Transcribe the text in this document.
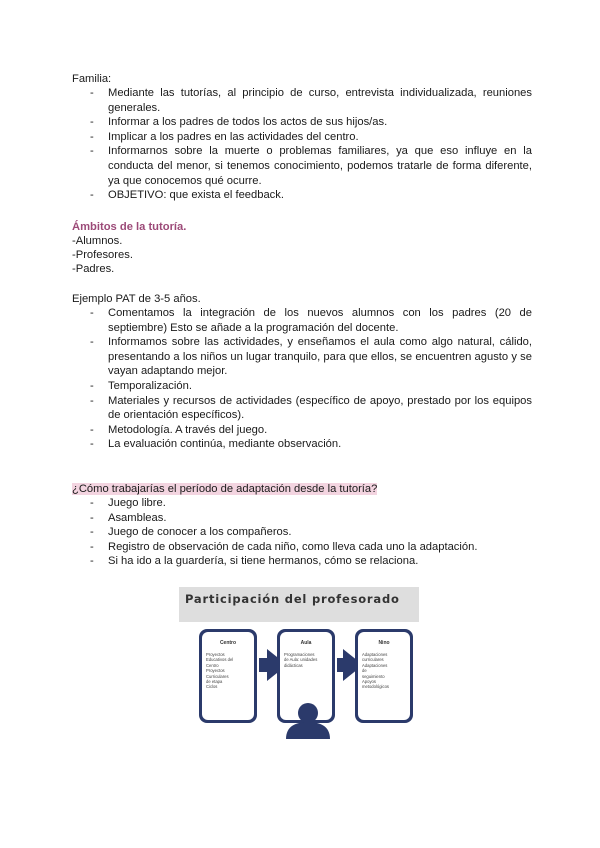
Familia:
- Mediante las tutorías, al principio de curso, entrevista individualizada, reuniones generales.
- Informar a los padres de todos los actos de sus hijos/as.
- Implicar a los padres en las actividades del centro.
- Informarnos sobre la muerte o problemas familiares, ya que eso influye en la conducta del menor, si tenemos conocimiento, podemos tratarle de forma diferente, ya que conocemos qué ocurre.
- OBJETIVO: que exista el feedback.
Ámbitos de la tutoría.
-Alumnos.
-Profesores.
-Padres.
Ejemplo PAT de 3-5 años.
- Comentamos la integración de los nuevos alumnos con los padres (20 de septiembre) Esto se añade a la programación del docente.
- Informamos sobre las actividades, y enseñamos el aula como algo natural, cálido, presentando a los niños un lugar tranquilo, para que ellos, se encuentren agusto y se vayan adaptando mejor.
- Temporalización.
- Materiales y recursos de actividades (específico de apoyo, prestado por los equipos de orientación específicos).
- Metodología. A través del juego.
- La evaluación continúa, mediante observación.
¿Cómo trabajarías el período de adaptación desde la tutoría?
- Juego libre.
- Asambleas.
- Juego de conocer a los compañeros.
- Registro de observación de cada niño, como lleva cada uno la adaptación.
- Si ha ido a la guardería, si tiene hermanos, cómo se relaciona.
Participación del profesorado
Centro
Proyectos
Educativos del
Centro
Proyectos
Curriculares
de etapa
Ciclos
Aula
Programaciones
de Aula: unidades
didácticas
Nino
Adaptaciones
curriculares
Adaptaciones
de
seguimiento
Apoyos
metodológicos
